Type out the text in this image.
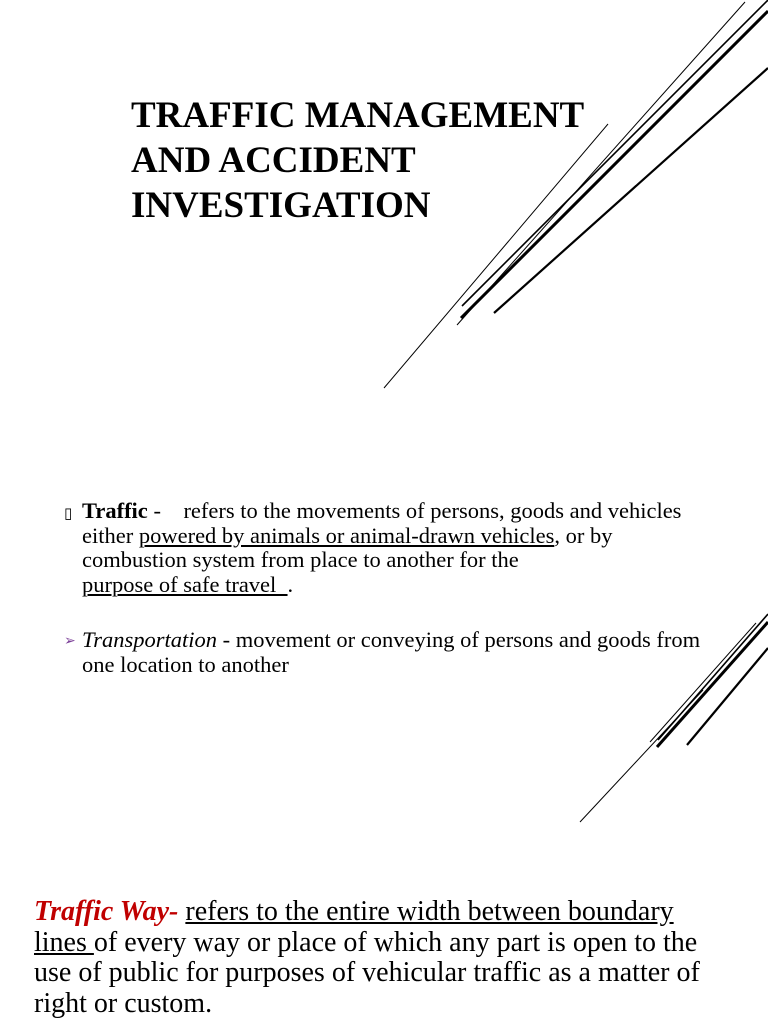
TRAFFIC MANAGEMENT
AND ACCIDENT
INVESTIGATION
▯ Traffic -    refers to the movements of persons, goods and vehicles either powered by animals or animal-drawn vehicles, or by combustion system from place to another for the purpose of safe travel  .
➢ Transportation - movement or conveying of persons and goods from one location to another
Traffic Way- refers to the entire width between boundary lines of every way or place of which any part is open to the use of public for purposes of vehicular traffic as a matter of right or custom.
